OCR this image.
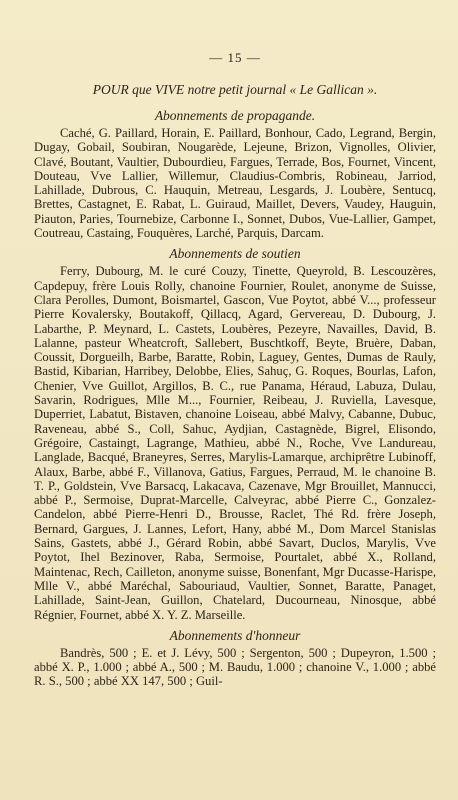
— 15 —
POUR que VIVE notre petit journal « Le Gallican ».
Abonnements de propagande.

Caché, G. Paillard, Horain, E. Paillard, Bonhour, Cado, Legrand, Bergin, Dugay, Gobail, Soubiran, Nougarède, Lejeune, Brizon, Vignolles, Olivier, Clavé, Boutant, Vaultier, Dubourdieu, Fargues, Terrade, Bos, Fournet, Vincent, Douteau, Vve Lallier, Willemur, Claudius-Combris, Robineau, Jarriod, Lahillade, Dubrous, C. Hauquin, Metreau, Lesgards, J. Loubère, Sentucq, Brettes, Castagnet, E. Rabat, L. Guiraud, Maillet, Devers, Vaudey, Hauguin, Piauton, Paries, Tournebize, Carbonne I., Sonnet, Dubos, Vue-Lallier, Gampet, Coutreau, Castaing, Fouquères, Larché, Parquis, Darcam.

Abonnements de soutien

Ferry, Dubourg, M. le curé Couzy, Tinette, Queyrold, B. Lescouzères, Capdepuy, frère Louis Rolly, chanoine Fournier, Roulet, anonyme de Suisse, Clara Perolles, Dumont, Boismartel, Gascon, Vue Poytot, abbé V..., professeur Pierre Kovalersky, Boutakoff, Qillacq, Agard, Gervereau, D. Dubourg, J. Labarthe, P. Meynard, L. Castets, Loubères, Pezeyre, Navailles, David, B. Lalanne, pasteur Wheatcroft, Sallebert, Buschtkoff, Beyte, Bruère, Daban, Coussit, Dorgueilh, Barbe, Baratte, Robin, Laguey, Gentes, Dumas de Rauly, Bastid, Kibarian, Harribey, Delobbe, Elies, Sahuç, G. Roques, Bourlas, Lafon, Chenier, Vve Guillot, Argillos, B. C., rue Panama, Héraud, Labuza, Dulau, Savarin, Rodrigues, Mlle M..., Fournier, Reibeau, J. Ruviella, Lavesque, Duperriet, Labatut, Bistaven, chanoine Loiseau, abbé Malvy, Cabanne, Dubuc, Raveneau, abbé S., Coll, Sahuc, Aydjian, Castagnède, Bigrel, Elisondo, Grégoire, Castaingt, Lagrange, Mathieu, abbé N., Roche, Vve Landureau, Langlade, Bacqué, Braneyres, Serres, Marylis-Lamarque, archiprêtre Lubinoff, Alaux, Barbe, abbé F., Villanova, Gatius, Fargues, Perraud, M. le chanoine B. T. P., Goldstein, Vve Barsacq, Lakacava, Cazenave, Mgr Brouillet, Mannucci, abbé P., Sermoise, Duprat-Marcelle, Calveyrac, abbé Pierre C., Gonzalez-Candelon, abbé Pierre-Henri D., Brousse, Raclet, Thé Rd. frère Joseph, Bernard, Gargues, J. Lannes, Lefort, Hany, abbé M., Dom Marcel Stanislas Sains, Gastets, abbé J., Gérard Robin, abbé Savart, Duclos, Marylis, Vve Poytot, Ihel Bezinover, Raba, Sermoise, Pourtalet, abbé X., Rolland, Maintenac, Rech, Cailleton, anonyme suisse, Bonenfant, Mgr Ducasse-Harispe, Mlle V., abbé Maréchal, Sabouriaud, Vaultier, Sonnet, Baratte, Panaget, Lahillade, Saint-Jean, Guillon, Chatelard, Ducourneau, Ninosque, abbé Régnier, Fournet, abbé X. Y. Z. Marseille.

Abonnements d'honneur

Bandrès, 500 ; E. et J. Lévy, 500 ; Sergenton, 500 ; Dupeyron, 1.500 ; abbé X. P., 1.000 ; abbé A., 500 ; M. Baudu, 1.000 ; chanoine V., 1.000 ; abbé R. S., 500 ; abbé XX 147, 500 ; Guil-
